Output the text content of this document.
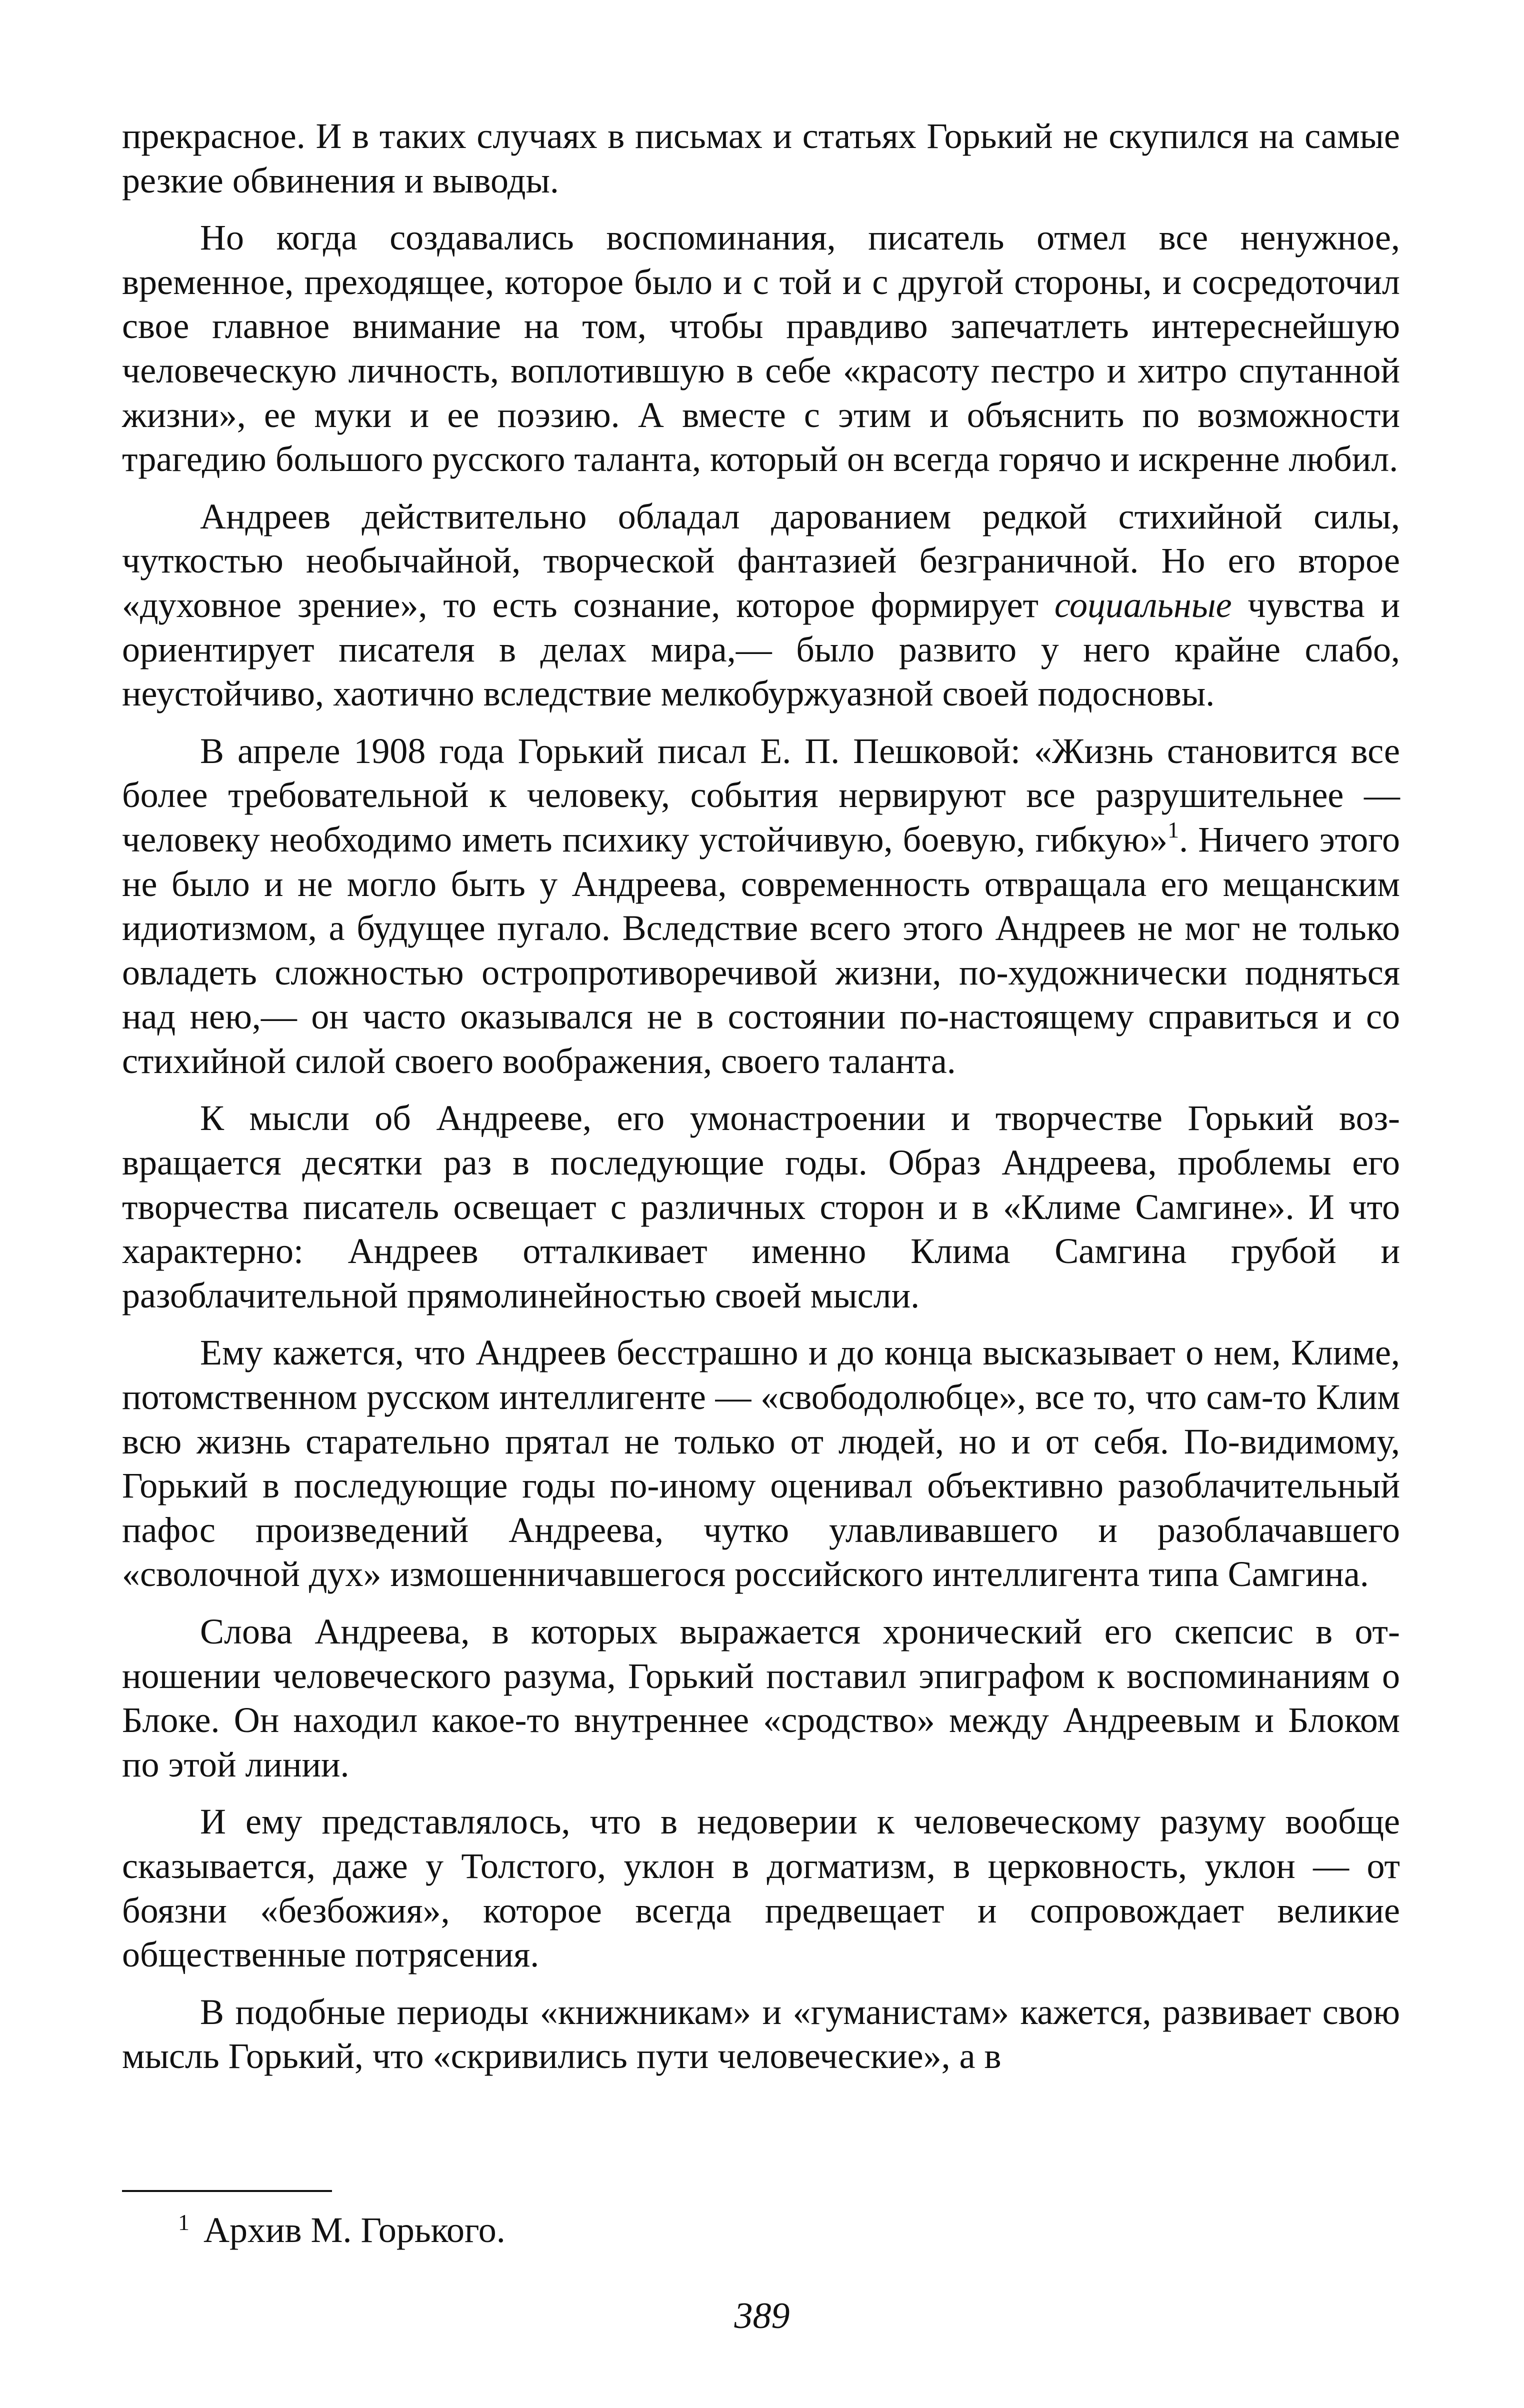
прекрасное. И в таких случаях в письмах и статьях Горький не скупился на самые резкие обвинения и выводы.

Но когда создавались воспоминания, писатель отмел все ненужное, временное, преходящее, которое было и с той и с другой стороны, и сосредоточил свое главное внимание на том, чтобы правдиво запечатлеть интереснейшую человеческую личность, воплотившую в себе «красоту пестро и хитро спутанной жизни», ее муки и ее поэзию. А вместе с этим и объяснить по возможности трагедию большого русского таланта, который он всегда горячо и искренне любил.

Андреев действительно обладал дарованием редкой стихийной силы, чуткостью необычайной, творческой фантазией безграничной. Но его второе «духовное зрение», то есть сознание, которое формирует социальные чувства и ориентирует писателя в делах мира,— было развито у него крайне слабо, неустойчиво, хаотично вследствие мелкобуржуазной своей подосновы.

В апреле 1908 года Горький писал Е. П. Пешковой: «Жизнь становится все более требовательной к человеку, события нервируют все разрушительнее — человеку необходимо иметь психику устойчивую, боевую, гибкую»$^1$. Ничего этого не было и не могло быть у Андреева, современность отвращала его мещанским идиотизмом, а будущее пугало. Вследствие всего этого Андреев не мог не только овладеть сложностью остропротиворечивой жизни, по-художнически подняться над нею,— он часто оказывался не в состоянии по-настоящему справиться и со стихийной силой своего воображения, своего таланта.

К мысли об Андрееве, его умонастроении и творчестве Горький возвращается десятки раз в последующие годы. Образ Андреева, проблемы его творчества писатель освещает с различных сторон и в «Климе Самгине». И что характерно: Андреев отталкивает именно Клима Самгина грубой и разоблачительной прямолинейностью своей мысли.

Ему кажется, что Андреев бесстрашно и до конца высказывает о нем, Климе, потомственном русском интеллигенте — «свободолюбце», все то, что сам-то Клим всю жизнь старательно прятал не только от людей, но и от себя. По-видимому, Горький в последующие годы по-иному оценивал объективно разоблачительный пафос произведений Андреева, чутко улавливавшего и разоблачавшего «сволочной дух» измошенничавшегося российского интеллигента типа Самгина.

Слова Андреева, в которых выражается хронический его скепсис в отношении человеческого разума, Горький поставил эпиграфом к воспоминаниям о Блоке. Он находил какое-то внутреннее «сродство» между Андреевым и Блоком по этой линии.

И ему представлялось, что в недоверии к человеческому разуму вообще сказывается, даже у Толстого, уклон в догматизм, в церковность, уклон — от боязни «безбожия», которое всегда предвещает и сопровождает великие общественные потрясения.

В подобные периоды «книжникам» и «гуманистам» кажется, развивает свою мысль Горький, что «скривились пути человеческие», а в

$^1$ Архив М. Горького.
389
